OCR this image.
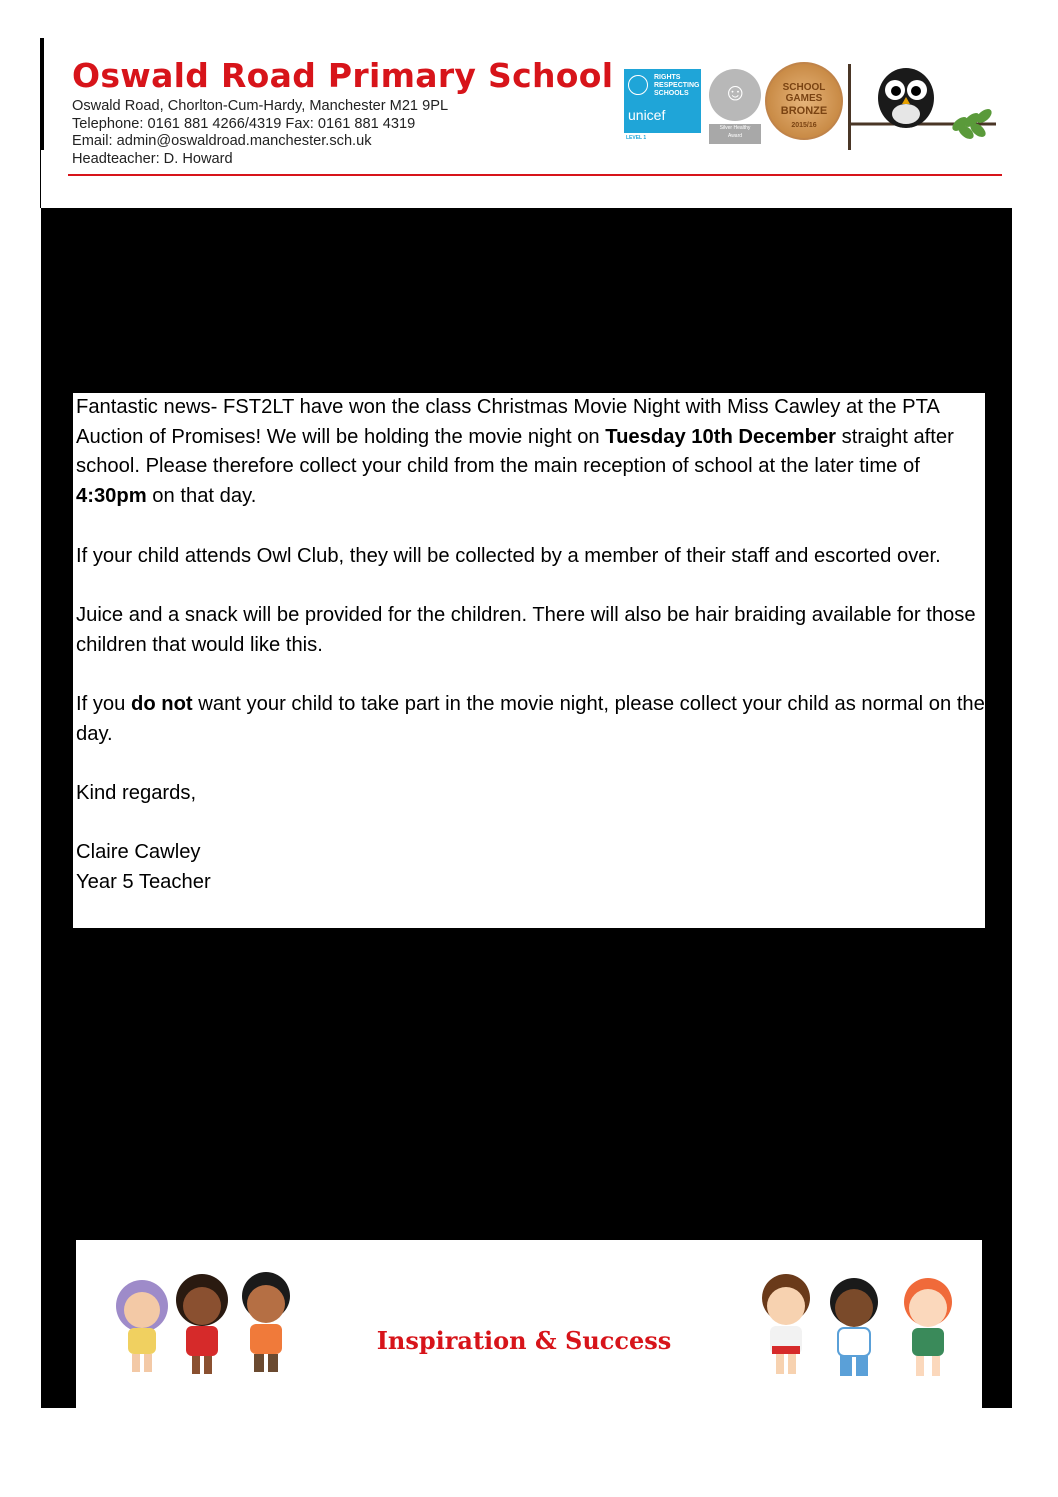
Oswald Road Primary School
Oswald Road, Chorlton-Cum-Hardy, Manchester M21 9PL
Telephone: 0161 881 4266/4319 Fax: 0161 881 4319
Email: admin@oswaldroad.manchester.sch.uk
Headteacher: D. Howard
RIGHTS
RESPECTING
SCHOOLS
unicef
LEVEL 1
☺
Silver Healthy
Award
SCHOOL GAMES
BRONZE
2015/16

Fantastic news- FST2LT have won the class Christmas Movie Night with Miss Cawley at the PTA Auction of Promises! We will be holding the movie night on Tuesday 10th December straight after school. Please therefore collect your child from the main reception of school at the later time of 4:30pm on that day.

If your child attends Owl Club, they will be collected by a member of their staff and escorted over.

Juice and a snack will be provided for the children. There will also be hair braiding available for those children that would like this.

If you do not want your child to take part in the movie night, please collect your child as normal on the day.

Kind regards,

Claire Cawley

Year 5 Teacher

Inspiration & Success
